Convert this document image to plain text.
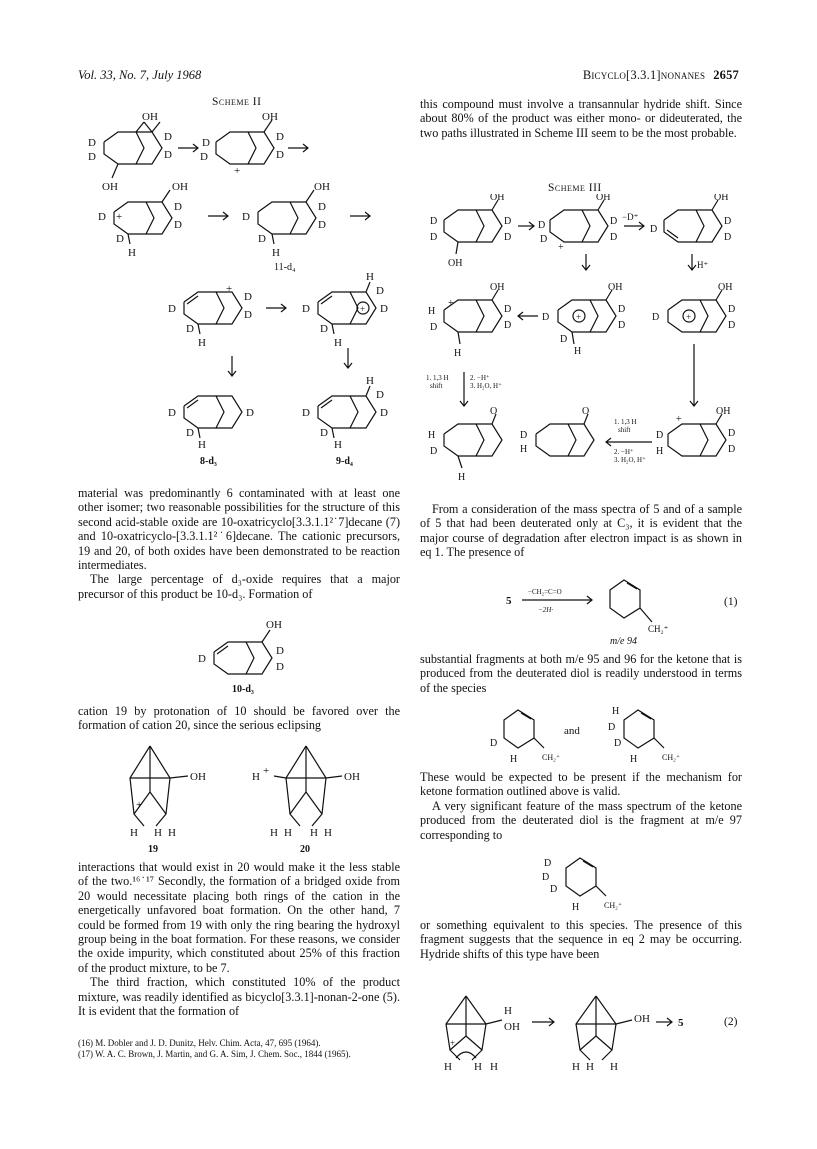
Vol. 33, No. 7, July 1968	Bicyclo[3.3.1]nonanes 2657
Scheme II
OH
D
D
D
D
OH
OH
D
D
D
D
+
OH
D +
D
H
D
D
OH
D
D
H
D
D
11-d₄
D
+
D
D
D
H
D	+ D
H
D
D
H
D	D
D
H
8-d₃
D	D
H
D
D
H
9-d₄

material was predominantly 6 contaminated with at least one other isomer; two reasonable possibilities for the structure of this second acid-stable oxide are 10-oxatricyclo[3.3.1.1²˙7]decane (7) and 10-oxatricyclo-[3.3.1.1²˙6]decane. The cationic precursors, 19 and 20, of both oxides have been demonstrated to be reaction intermediates.

The large percentage of d₃-oxide requires that a major precursor of this product be 10-d₃. Formation of

OH
D
D
D
10-d₃

cation 19 by protonation of 10 should be favored over the formation of cation 20, since the serious eclipsing

OH
+
H H H
19
OH
H +
H H H H
20

interactions that would exist in 20 would make it the less stable of the two.¹⁶˙¹⁷ Secondly, the formation of a bridged oxide from 20 would necessitate placing both rings of the cation in the energetically unfavored boat formation. On the other hand, 7 could be formed from 19 with only the ring bearing the hydroxyl group being in the boat formation. For these reasons, we consider the oxide impurity, which constituted about 25% of this fraction of the product mixture, to be 7.

The third fraction, which constituted 10% of the product mixture, was readily identified as bicyclo[3.3.1]-nonan-2-one (5). It is evident that the formation of

(16) M. Dobler and J. D. Dunitz, Helv. Chim. Acta, 47, 695 (1964).
(17) W. A. C. Brown, J. Martin, and G. A. Sim, J. Chem. Soc., 1844 (1965).

this compound must involve a transannular hydride shift. Since about 80% of the product was either mono- or dideuterated, the two paths illustrated in Scheme III seem to be the most probable.

Scheme III
OH
D
D
D
D
OH
OH
D
D
+
D
D
−D⁺
D
OH
D
D
H⁺
OH
H
+
D
H
D
D
D	+
OH
D
D
D
H
D	+
OH
D
D
1. 1,3 H
shift
2. −H⁺
3. H₂O, H⁺
1. 1,3 H
shift
2. −H⁺
3. H₂O, H⁺
O
H
D
H
O
D
H
D
H
+
OH
D
D

From a consideration of the mass spectra of 5 and of a sample of 5 that had been deuterated only at C₃, it is evident that the major course of degradation after electron impact is as shown in eq 1. The presence of

5
−CH₂=C=O
−2H·
CH₂⁺
m/e 94
(1)

substantial fragments at both m/e 95 and 96 for the ketone that is produced from the deuterated diol is readily understood in terms of the species

D
H	CH₂⁺
and
H
D
D
H	CH₂⁺

These would be expected to be present if the mechanism for ketone formation outlined above is valid.

A very significant feature of the mass spectrum of the ketone produced from the deuterated diol is the fragment at m/e 97 corresponding to

D
D
D
H	CH₂⁺

or something equivalent to this species. The presence of this fragment suggests that the sequence in eq 2 may be occurring. Hydride shifts of this type have been

H
OH
+
H H H
OH
H H H
5	(2)
